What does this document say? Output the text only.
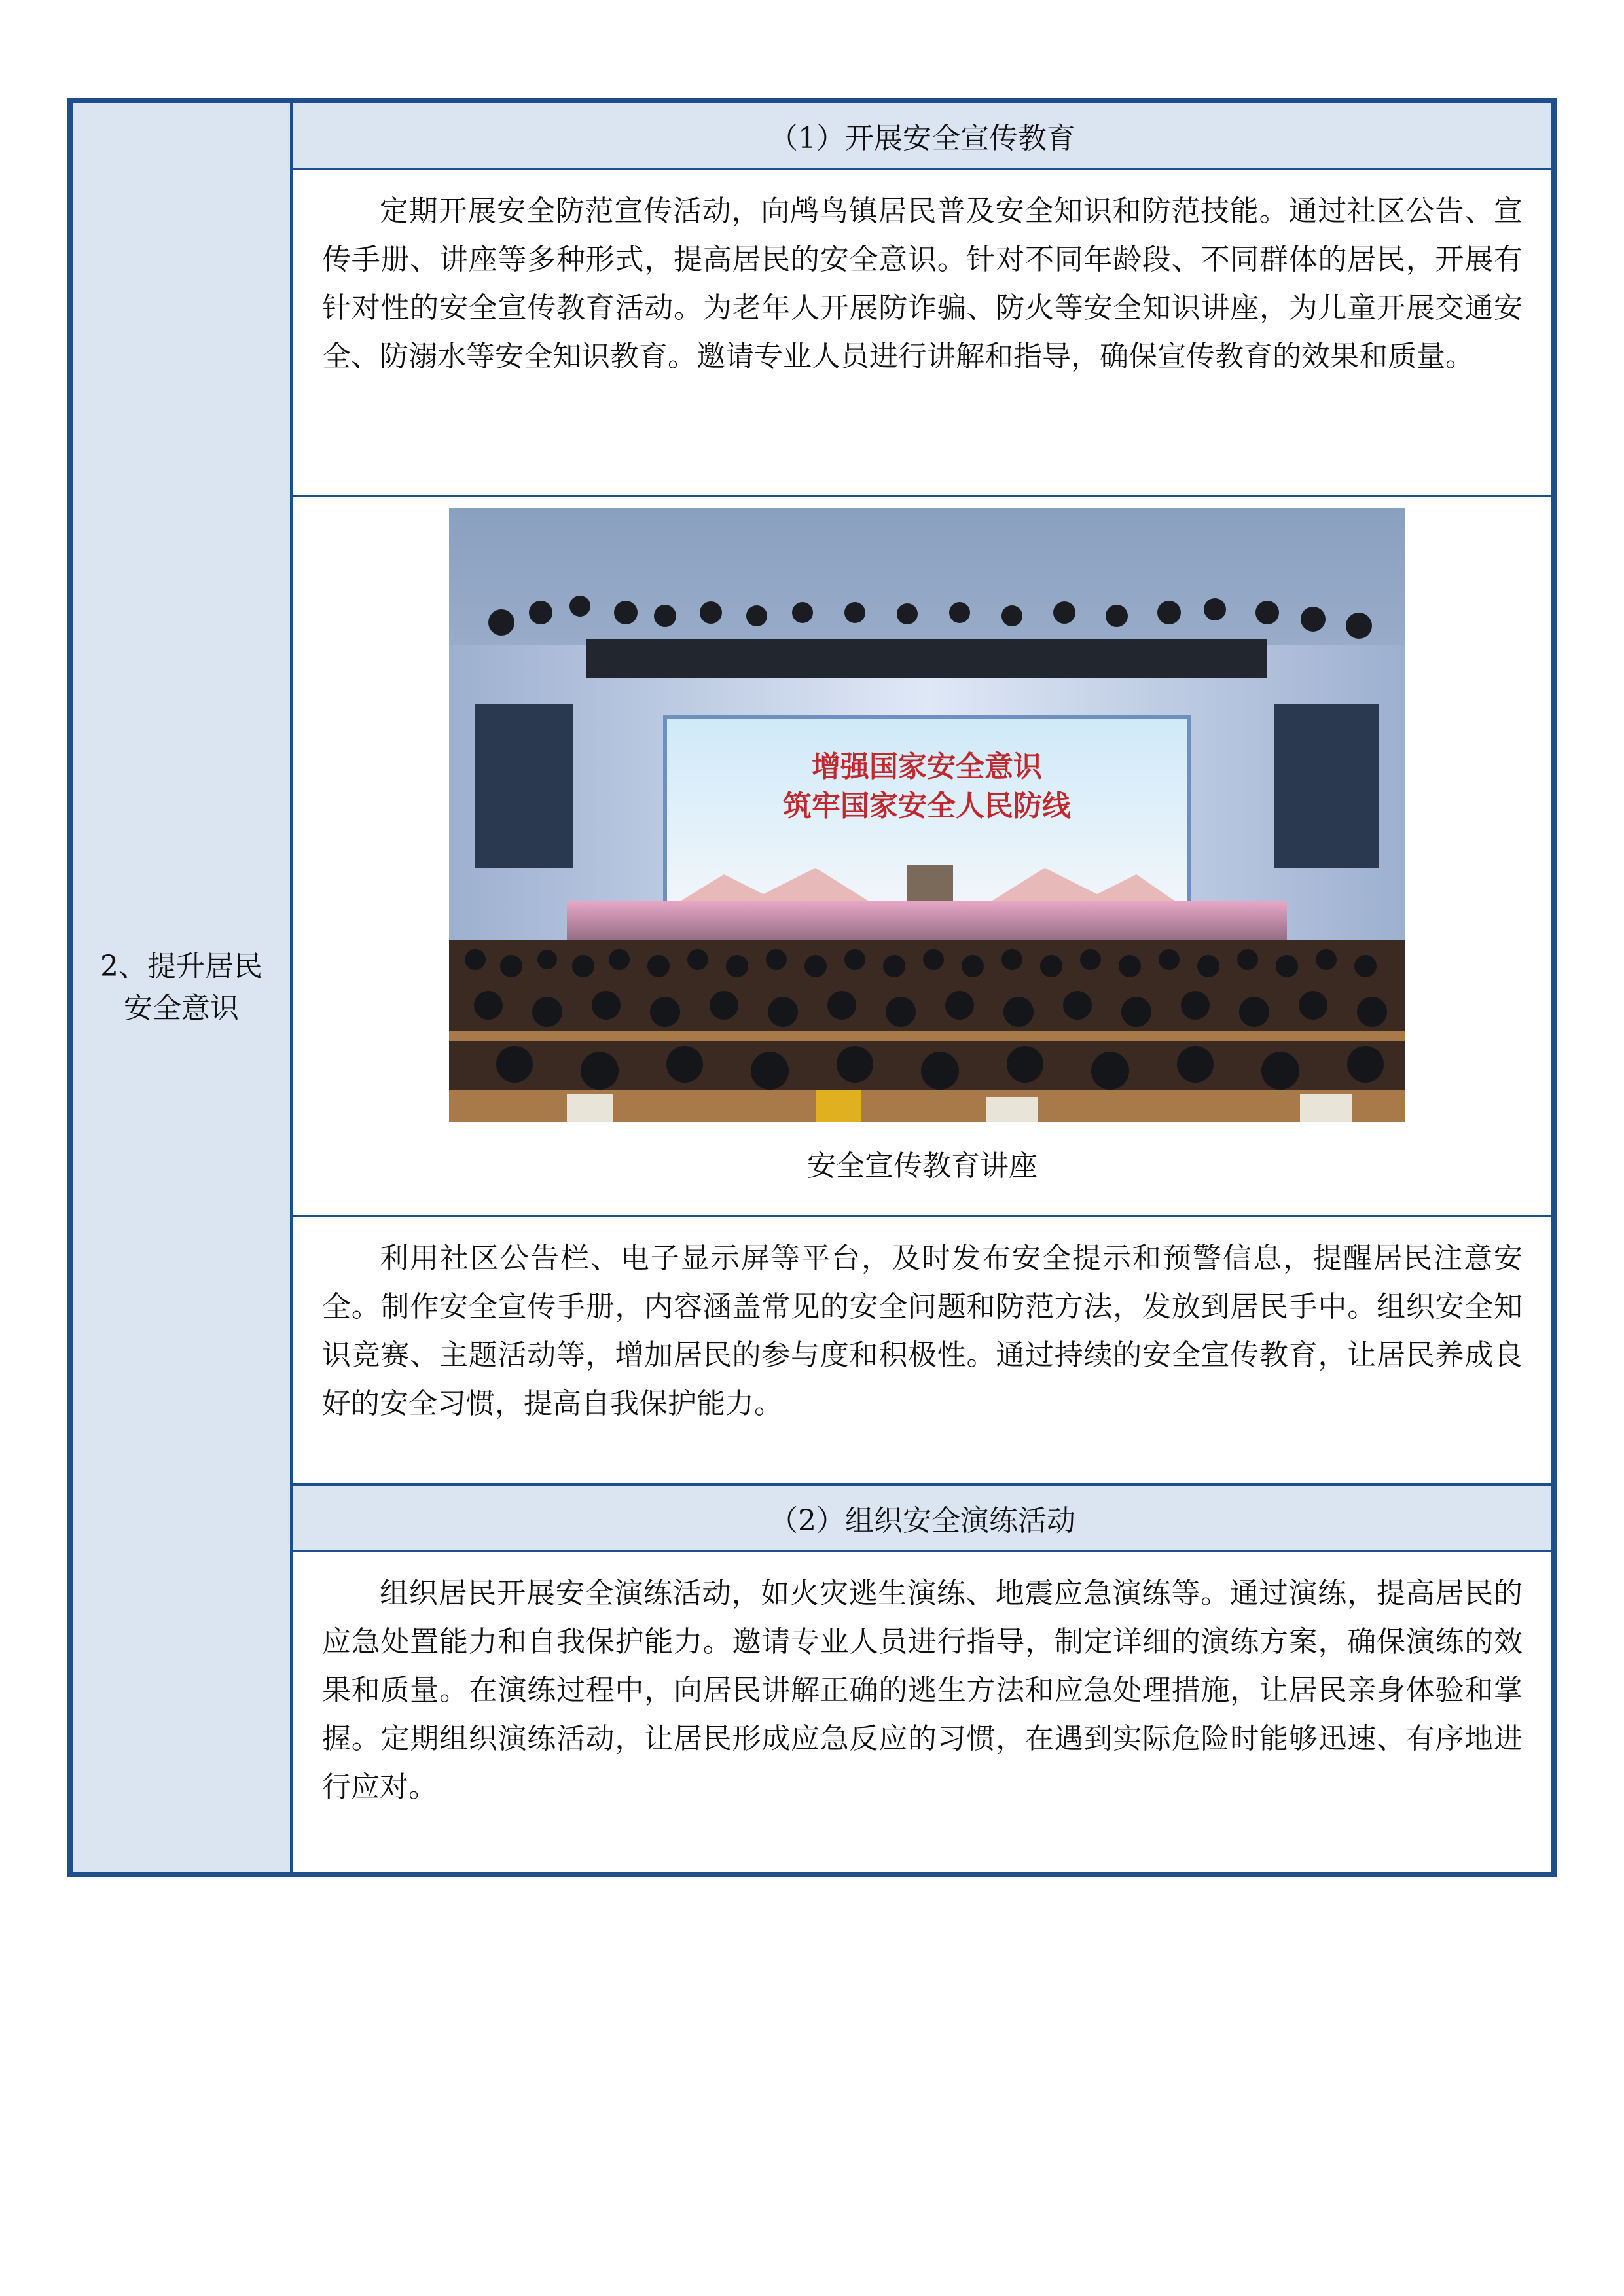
2、提升居民安全意识
（1）开展安全宣传教育
定期开展安全防范宣传活动，向鸬鸟镇居民普及安全知识和防范技能。通过社区公告、宣传手册、讲座等多种形式，提高居民的安全意识。针对不同年龄段、不同群体的居民，开展有针对性的安全宣传教育活动。为老年人开展防诈骗、防火等安全知识讲座，为儿童开展交通安全、防溺水等安全知识教育。邀请专业人员进行讲解和指导，确保宣传教育的效果和质量。
增强国家安全意识
筑牢国家安全人民防线
安全宣传教育讲座
利用社区公告栏、电子显示屏等平台，及时发布安全提示和预警信息，提醒居民注意安全。制作安全宣传手册，内容涵盖常见的安全问题和防范方法，发放到居民手中。组织安全知识竞赛、主题活动等，增加居民的参与度和积极性。通过持续的安全宣传教育，让居民养成良好的安全习惯，提高自我保护能力。
（2）组织安全演练活动
组织居民开展安全演练活动，如火灾逃生演练、地震应急演练等。通过演练，提高居民的应急处置能力和自我保护能力。邀请专业人员进行指导，制定详细的演练方案，确保演练的效果和质量。在演练过程中，向居民讲解正确的逃生方法和应急处理措施，让居民亲身体验和掌握。定期组织演练活动，让居民形成应急反应的习惯，在遇到实际危险时能够迅速、有序地进行应对。
